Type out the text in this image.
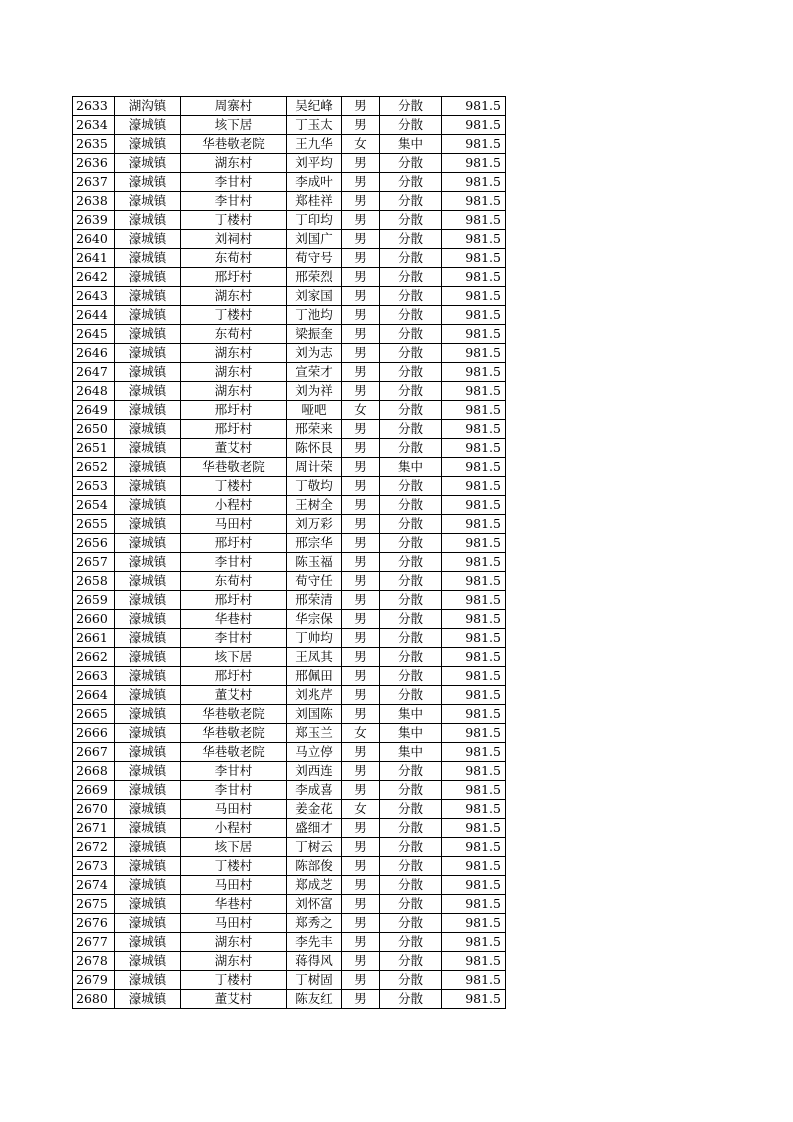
2633	湖沟镇	周寨村	吴纪峰	男	分散	981.5
2634	濠城镇	垓下居	丁玉太	男	分散	981.5
2635	濠城镇	华巷敬老院	王九华	女	集中	981.5
2636	濠城镇	湖东村	刘平均	男	分散	981.5
2637	濠城镇	李甘村	李成叶	男	分散	981.5
2638	濠城镇	李甘村	郑桂祥	男	分散	981.5
2639	濠城镇	丁楼村	丁印均	男	分散	981.5
2640	濠城镇	刘祠村	刘国广	男	分散	981.5
2641	濠城镇	东荀村	荀守号	男	分散	981.5
2642	濠城镇	邢圩村	邢荣烈	男	分散	981.5
2643	濠城镇	湖东村	刘家国	男	分散	981.5
2644	濠城镇	丁楼村	丁池均	男	分散	981.5
2645	濠城镇	东荀村	梁振奎	男	分散	981.5
2646	濠城镇	湖东村	刘为志	男	分散	981.5
2647	濠城镇	湖东村	宣荣才	男	分散	981.5
2648	濠城镇	湖东村	刘为祥	男	分散	981.5
2649	濠城镇	邢圩村	哑吧	女	分散	981.5
2650	濠城镇	邢圩村	邢荣来	男	分散	981.5
2651	濠城镇	董艾村	陈怀艮	男	分散	981.5
2652	濠城镇	华巷敬老院	周计荣	男	集中	981.5
2653	濠城镇	丁楼村	丁敬均	男	分散	981.5
2654	濠城镇	小程村	王树全	男	分散	981.5
2655	濠城镇	马田村	刘万彩	男	分散	981.5
2656	濠城镇	邢圩村	邢宗华	男	分散	981.5
2657	濠城镇	李甘村	陈玉福	男	分散	981.5
2658	濠城镇	东荀村	荀守任	男	分散	981.5
2659	濠城镇	邢圩村	邢荣清	男	分散	981.5
2660	濠城镇	华巷村	华宗保	男	分散	981.5
2661	濠城镇	李甘村	丁帅均	男	分散	981.5
2662	濠城镇	垓下居	王凤其	男	分散	981.5
2663	濠城镇	邢圩村	邢佩田	男	分散	981.5
2664	濠城镇	董艾村	刘兆芹	男	分散	981.5
2665	濠城镇	华巷敬老院	刘国陈	男	集中	981.5
2666	濠城镇	华巷敬老院	郑玉兰	女	集中	981.5
2667	濠城镇	华巷敬老院	马立停	男	集中	981.5
2668	濠城镇	李甘村	刘西连	男	分散	981.5
2669	濠城镇	李甘村	李成喜	男	分散	981.5
2670	濠城镇	马田村	姜金花	女	分散	981.5
2671	濠城镇	小程村	盛细才	男	分散	981.5
2672	濠城镇	垓下居	丁树云	男	分散	981.5
2673	濠城镇	丁楼村	陈部俊	男	分散	981.5
2674	濠城镇	马田村	郑成芝	男	分散	981.5
2675	濠城镇	华巷村	刘怀富	男	分散	981.5
2676	濠城镇	马田村	郑秀之	男	分散	981.5
2677	濠城镇	湖东村	李先丰	男	分散	981.5
2678	濠城镇	湖东村	蒋得风	男	分散	981.5
2679	濠城镇	丁楼村	丁树固	男	分散	981.5
2680	濠城镇	董艾村	陈友红	男	分散	981.5
